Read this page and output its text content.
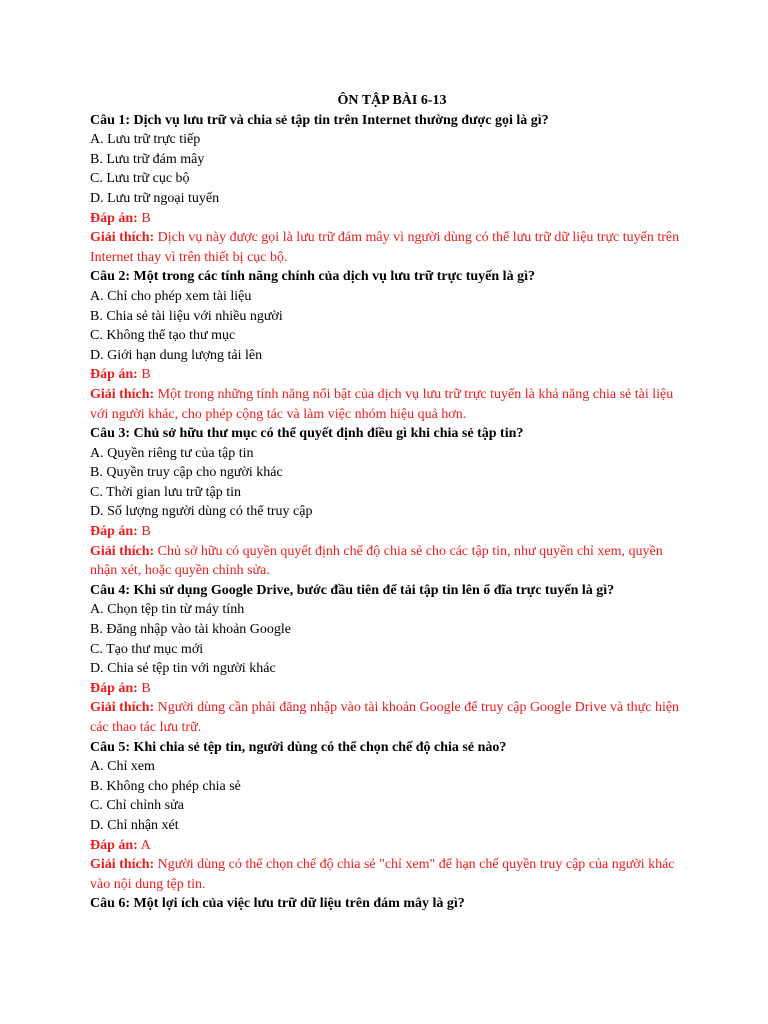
ÔN TẬP BÀI 6-13

Câu 1: Dịch vụ lưu trữ và chia sẻ tập tin trên Internet thường được gọi là gì?

A. Lưu trữ trực tiếp

B. Lưu trữ đám mây

C. Lưu trữ cục bộ

D. Lưu trữ ngoại tuyến

Đáp án: B

Giải thích: Dịch vụ này được gọi là lưu trữ đám mây vì người dùng có thể lưu trữ dữ liệu trực tuyến trên Internet thay vì trên thiết bị cục bộ.

Câu 2: Một trong các tính năng chính của dịch vụ lưu trữ trực tuyến là gì?

A. Chỉ cho phép xem tài liệu

B. Chia sẻ tài liệu với nhiều người

C. Không thể tạo thư mục

D. Giới hạn dung lượng tải lên

Đáp án: B

Giải thích: Một trong những tính năng nổi bật của dịch vụ lưu trữ trực tuyến là khả năng chia sẻ tài liệu với người khác, cho phép cộng tác và làm việc nhóm hiệu quả hơn.

Câu 3: Chủ sở hữu thư mục có thể quyết định điều gì khi chia sẻ tập tin?

A. Quyền riêng tư của tập tin

B. Quyền truy cập cho người khác

C. Thời gian lưu trữ tập tin

D. Số lượng người dùng có thể truy cập

Đáp án: B

Giải thích: Chủ sở hữu có quyền quyết định chế độ chia sẻ cho các tập tin, như quyền chỉ xem, quyền nhận xét, hoặc quyền chỉnh sửa.

Câu 4: Khi sử dụng Google Drive, bước đầu tiên để tải tập tin lên ổ đĩa trực tuyến là gì?

A. Chọn tệp tin từ máy tính

B. Đăng nhập vào tài khoản Google

C. Tạo thư mục mới

D. Chia sẻ tệp tin với người khác

Đáp án: B

Giải thích: Người dùng cần phải đăng nhập vào tài khoản Google để truy cập Google Drive và thực hiện các thao tác lưu trữ.

Câu 5: Khi chia sẻ tệp tin, người dùng có thể chọn chế độ chia sẻ nào?

A. Chỉ xem

B. Không cho phép chia sẻ

C. Chỉ chỉnh sửa

D. Chỉ nhận xét

Đáp án: A

Giải thích: Người dùng có thể chọn chế độ chia sẻ "chỉ xem" để hạn chế quyền truy cập của người khác vào nội dung tệp tin.

Câu 6: Một lợi ích của việc lưu trữ dữ liệu trên đám mây là gì?
